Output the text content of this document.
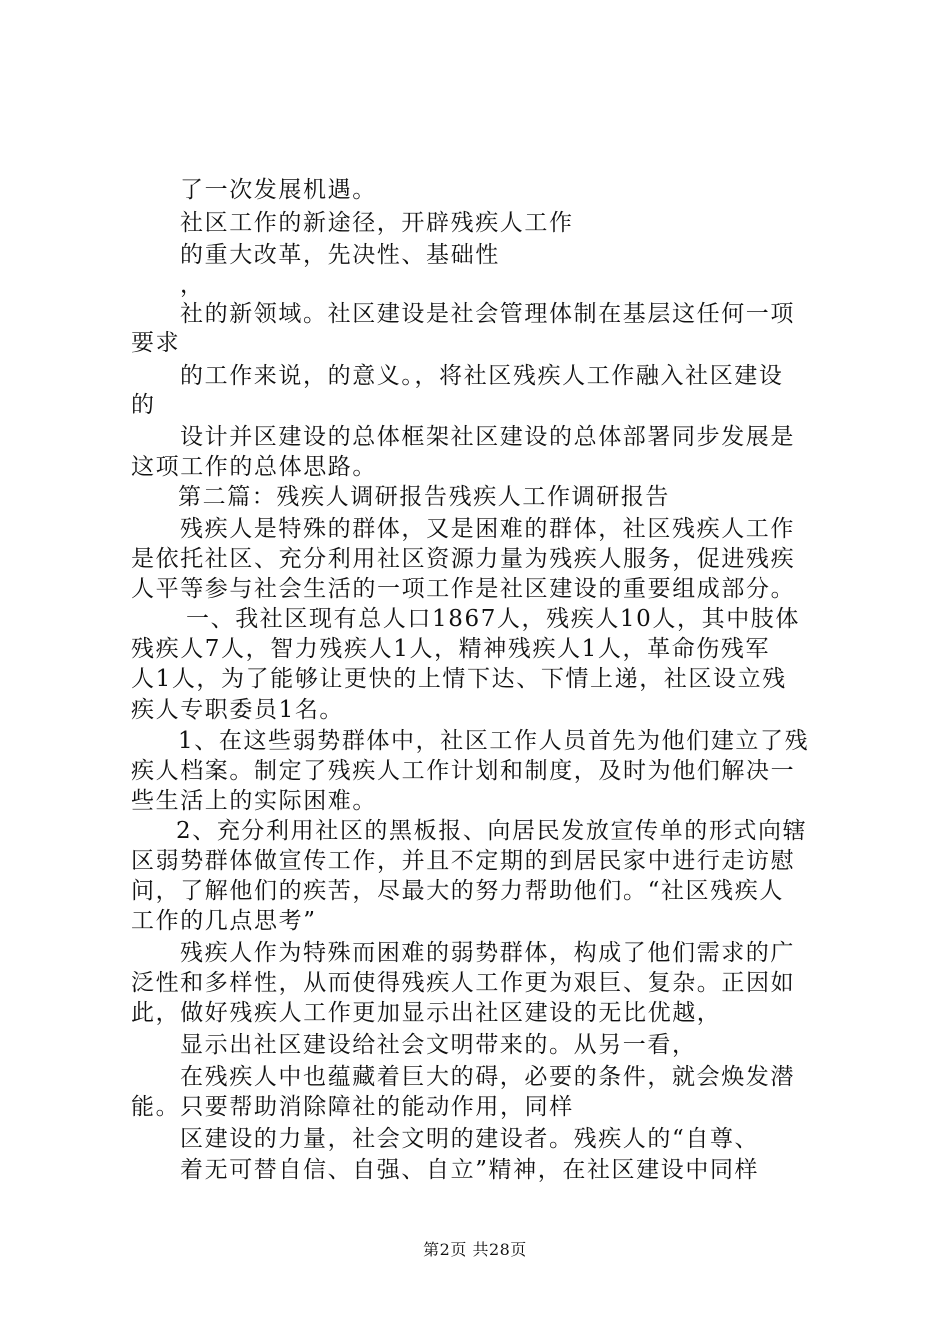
了一次发展机遇。
社区工作的新途径，开辟残疾人工作
的重大改革，先决性、基础性
，
社的新领域。社区建设是社会管理体制在基层这任何一项
要求
的工作来说，的意义。，将社区残疾人工作融入社区建设
的
设计并区建设的总体框架社区建设的总体部署同步发展是
这项工作的总体思路。
第二篇：残疾人调研报告残疾人工作调研报告
残疾人是特殊的群体，又是困难的群体，社区残疾人工作
是依托社区、充分利用社区资源力量为残疾人服务，促进残疾
人平等参与社会生活的一项工作是社区建设的重要组成部分。
一、我社区现有总人口1867人，残疾人10人，其中肢体
残疾人7人，智力残疾人1人，精神残疾人1人，革命伤残军
人1人，为了能够让更快的上情下达、下情上递，社区设立残
疾人专职委员1名。
1、在这些弱势群体中，社区工作人员首先为他们建立了残
疾人档案。制定了残疾人工作计划和制度，及时为他们解决一
些生活上的实际困难。
2、充分利用社区的黑板报、向居民发放宣传单的形式向辖
区弱势群体做宣传工作，并且不定期的到居民家中进行走访慰
问，了解他们的疾苦，尽最大的努力帮助他们。“社区残疾人
工作的几点思考”
残疾人作为特殊而困难的弱势群体，构成了他们需求的广
泛性和多样性，从而使得残疾人工作更为艰巨、复杂。正因如
此，做好残疾人工作更加显示出社区建设的无比优越，
显示出社区建设给社会文明带来的。从另一看，
在残疾人中也蕴藏着巨大的碍，必要的条件，就会焕发潜
能。只要帮助消除障社的能动作用，同样
区建设的力量，社会文明的建设者。残疾人的“自尊、
着无可替自信、自强、自立”精神，在社区建设中同样
第2页 共28页
